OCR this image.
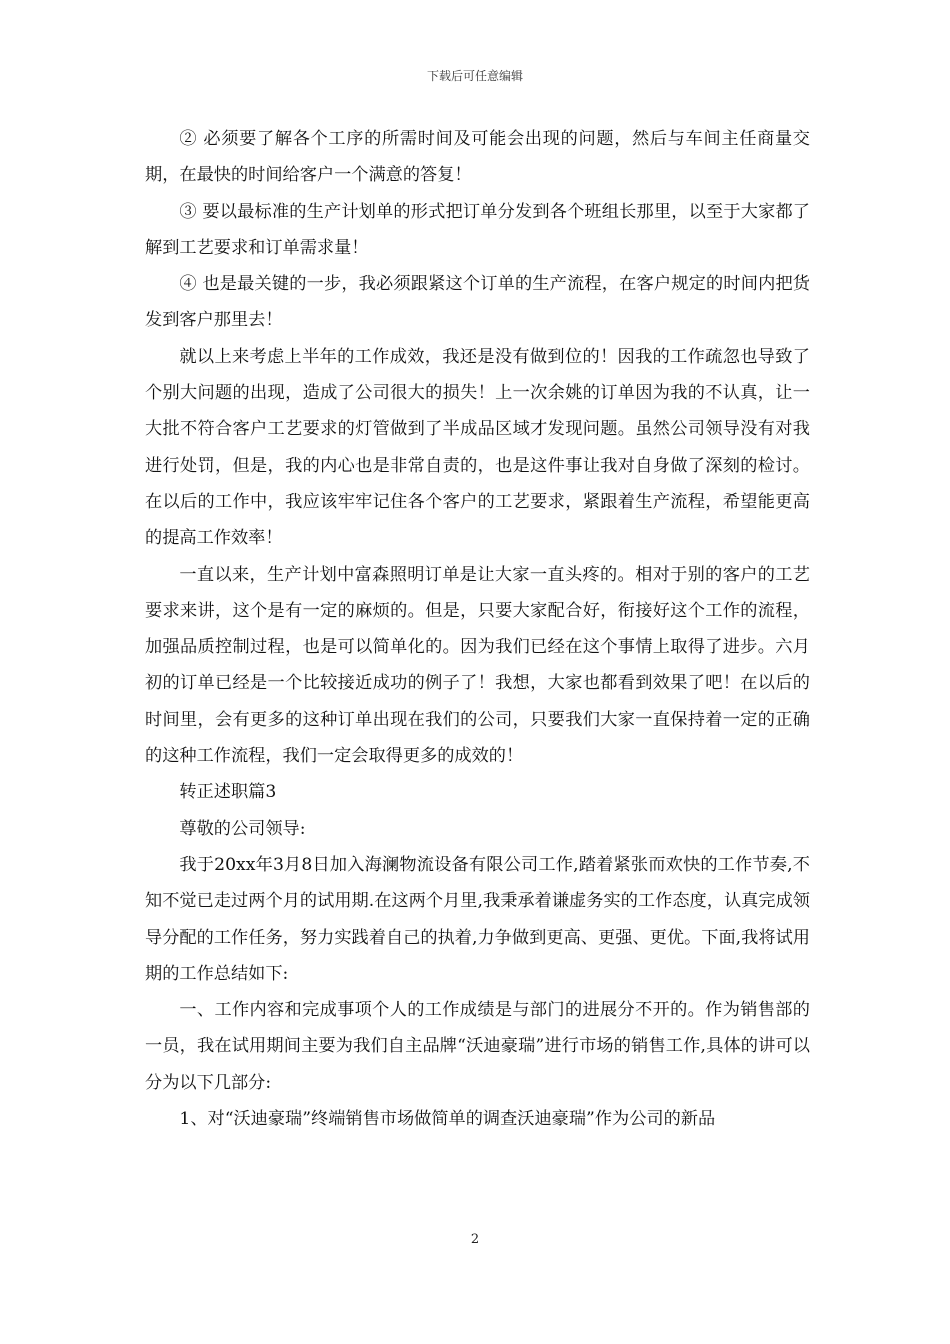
下载后可任意编辑

② 必须要了解各个工序的所需时间及可能会出现的问题，然后与车间主任商量交期，在最快的时间给客户一个满意的答复！

③ 要以最标准的生产计划单的形式把订单分发到各个班组长那里，以至于大家都了解到工艺要求和订单需求量！

④ 也是最关键的一步，我必须跟紧这个订单的生产流程，在客户规定的时间内把货发到客户那里去！

就以上来考虑上半年的工作成效，我还是没有做到位的！因我的工作疏忽也导致了个别大问题的出现，造成了公司很大的损失！上一次余姚的订单因为我的不认真，让一大批不符合客户工艺要求的灯管做到了半成品区域才发现问题。虽然公司领导没有对我进行处罚，但是，我的内心也是非常自责的，也是这件事让我对自身做了深刻的检讨。在以后的工作中，我应该牢牢记住各个客户的工艺要求，紧跟着生产流程，希望能更高的提高工作效率！

一直以来，生产计划中富森照明订单是让大家一直头疼的。相对于别的客户的工艺要求来讲，这个是有一定的麻烦的。但是，只要大家配合好，衔接好这个工作的流程，加强品质控制过程，也是可以简单化的。因为我们已经在这个事情上取得了进步。六月初的订单已经是一个比较接近成功的例子了！我想，大家也都看到效果了吧！在以后的时间里，会有更多的这种订单出现在我们的公司，只要我们大家一直保持着一定的正确的这种工作流程，我们一定会取得更多的成效的！

转正述职篇3

尊敬的公司领导:

我于20xx年3月8日加入海澜物流设备有限公司工作,踏着紧张而欢快的工作节奏,不知不觉已走过两个月的试用期.在这两个月里,我秉承着谦虚务实的工作态度，认真完成领导分配的工作任务，努力实践着自己的执着,力争做到更高、更强、更优。下面,我将试用期的工作总结如下:

一、工作内容和完成事项个人的工作成绩是与部门的进展分不开的。作为销售部的一员，我在试用期间主要为我们自主品牌“沃迪豪瑞”进行市场的销售工作,具体的讲可以分为以下几部分:

1、对“沃迪豪瑞”终端销售市场做简单的调查沃迪豪瑞”作为公司的新品

2
